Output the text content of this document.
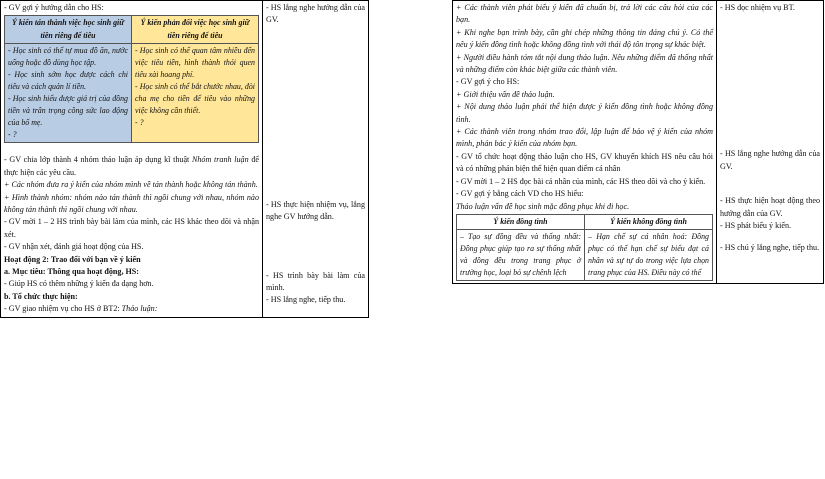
- GV gợi ý hướng dẫn cho HS:

Ý kiến tán thành việc học sinh giữ tiền riêng để tiêu	Ý kiến phản đối việc học sinh giữ tiền riêng để tiêu

- Học sinh có thể tự mua đồ ăn, nước uống hoặc đồ dùng học tập.
- Học sinh sớm học được cách chi tiêu và cách quản lí tiền.
- Học sinh hiểu được giá trị của đồng tiền và trân trọng công sức lao động của bố mẹ.
- ?

- Học sinh có thể quan tâm nhiều đến việc tiêu tiền, hình thành thói quen tiêu xài hoang phí.
- Học sinh có thể bắt chước nhau, đòi cha mẹ cho tiền để tiêu vào những việc không cần thiết.
- ?

- GV chia lớp thành 4 nhóm thảo luận áp dụng kĩ thuật Nhóm tranh luận để thực hiện các yêu cầu.

+ Các nhóm đưa ra ý kiến của nhóm mình về tán thành hoặc không tán thành.

+ Hình thành nhóm: nhóm nào tán thành thì ngồi chung với nhau, nhóm nào không tán thành thì ngồi chung với nhau.

- GV mời 1 – 2 HS trình bày bài làm của mình, các HS khác theo dõi và nhận xét.

- GV nhận xét, đánh giá hoạt động của HS.

Hoạt động 2: Trao đổi với bạn về ý kiến

a. Mục tiêu: Thông qua hoạt động, HS:

- Giúp HS có thêm những ý kiến đa dạng hơn.

b. Tổ chức thực hiện:

- GV giao nhiệm vụ cho HS ở BT2: Thảo luận:

- HS lắng nghe hướng dẫn của GV.

- HS thực hiện nhiệm vụ, lắng nghe GV hướng dẫn.

- HS trình bày bài làm của mình.

- HS lắng nghe, tiếp thu.

+ Các thành viên phát biểu ý kiến đã chuẩn bị, trả lời các câu hỏi của các bạn.

+ Khi nghe bạn trình bày, cần ghi chép những thông tin đáng chú ý. Có thể nêu ý kiến đồng tình hoặc không đồng tình với thái độ tôn trọng sự khác biệt.

+ Người điều hành tóm tắt nội dung thảo luận. Nêu những điểm đã thống nhất và những điểm còn khác biệt giữa các thành viên.

- GV gợi ý cho HS:

+ Giới thiệu vấn đề thảo luận.

+ Nội dung thảo luận phải thể hiện được ý kiến đồng tình hoặc không đồng tình.

+ Các thành viên trong nhóm trao đổi, lập luận để bảo vệ ý kiến của nhóm mình, phản bác ý kiến của nhóm bạn.

- GV tổ chức hoạt động thảo luận cho HS, GV khuyến khích HS nêu câu hỏi và có những phản biện thể hiện quan điểm cá nhân

- GV mời 1 – 2 HS đọc bài cá nhân của mình, các HS theo dõi và cho ý kiến.

- GV gợi ý bằng cách VD cho HS hiểu:

Thảo luận vấn đề học sinh mặc đồng phục khi đi học.

Ý kiến đồng tình	Ý kiến không đồng tình
– Tạo sự đồng đều và thống nhất: Đồng phục giúp tạo ra sự thống nhất và đồng đều trong trang phục ở trường học, loại bỏ sự chênh lệch	– Hạn chế sự cá nhân hoá: Đồng phục có thể hạn chế sự biểu đạt cá nhân và sự tự do trong việc lựa chọn trang phục của HS. Điều này có thể

- HS đọc nhiệm vụ BT.

- HS lắng nghe hướng dẫn của GV.

- HS thực hiện hoạt động theo hướng dẫn của GV.

- HS phát biểu ý kiến.

- HS chú ý lắng nghe, tiếp thu.
